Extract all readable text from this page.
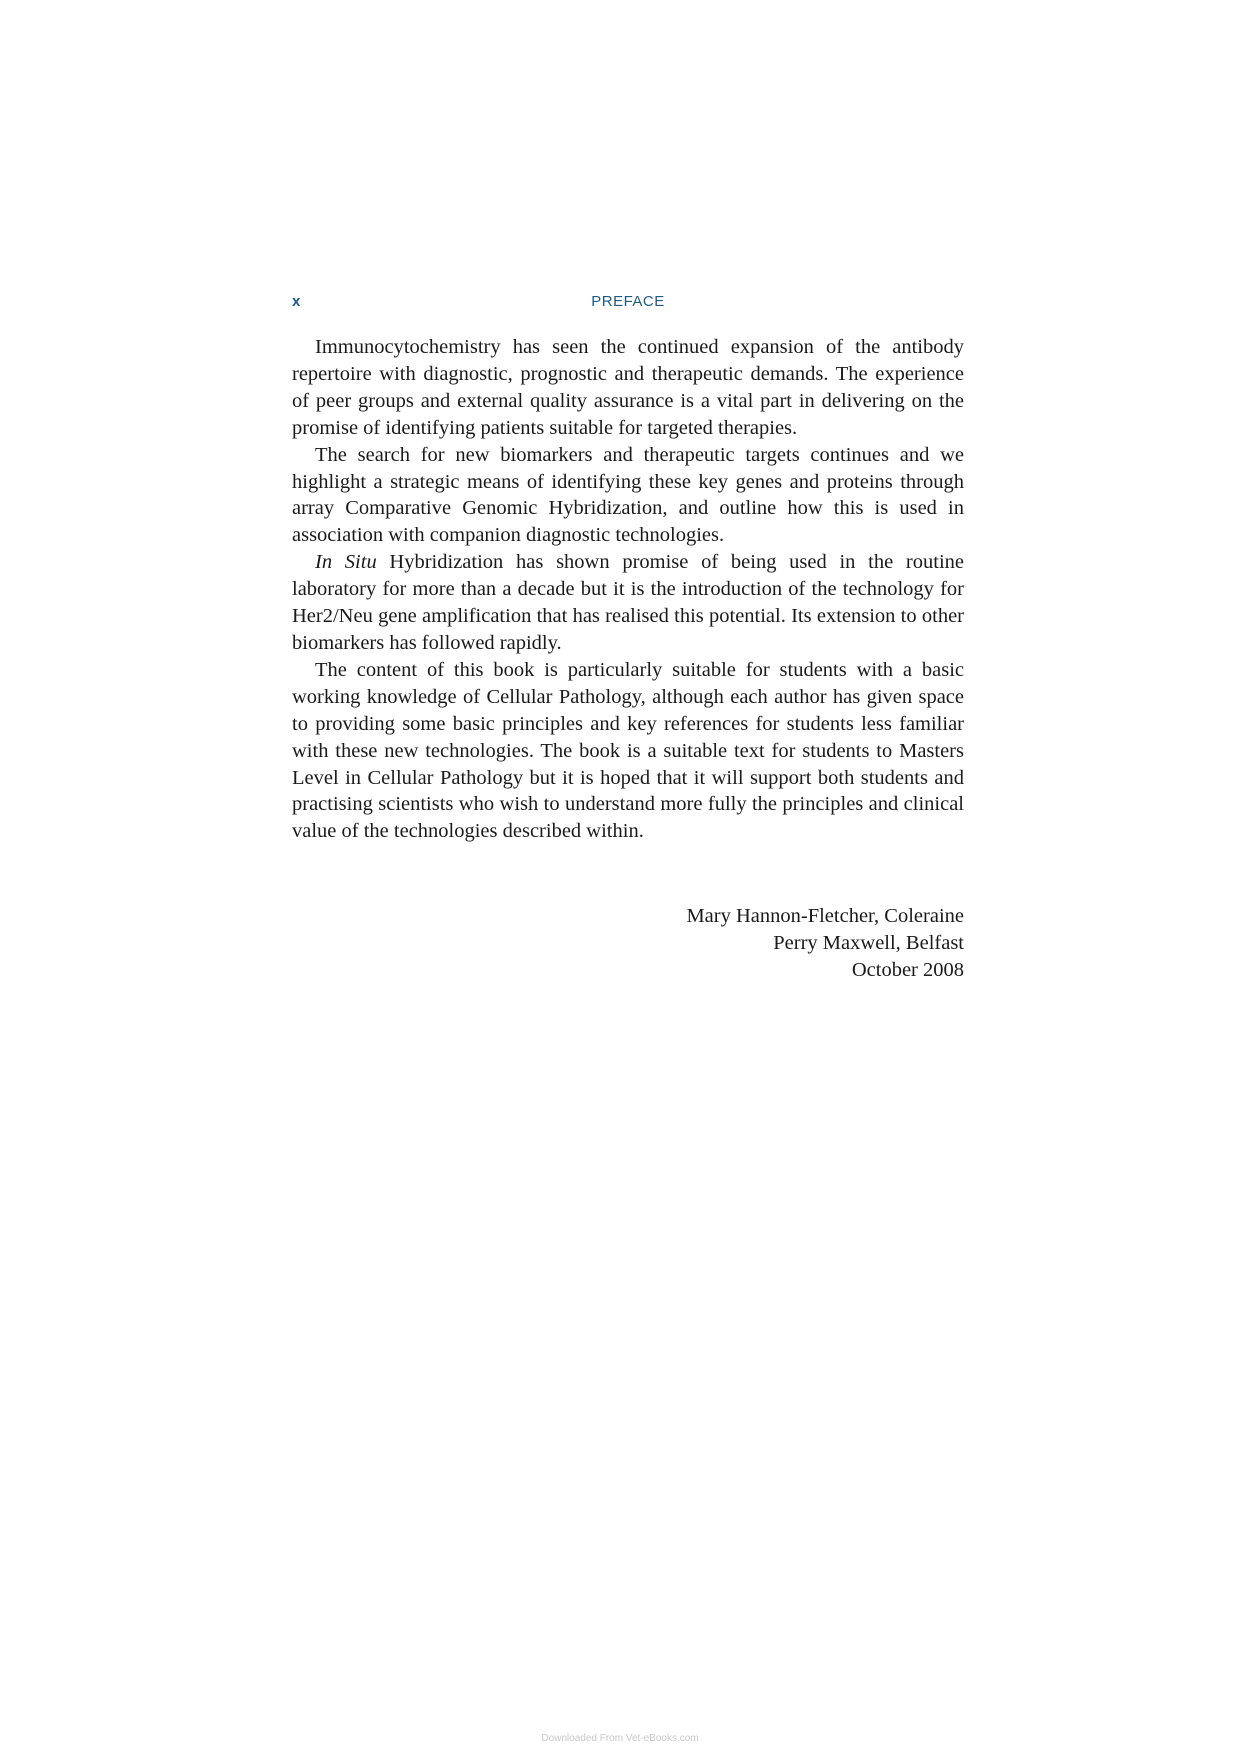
x	PREFACE

Immunocytochemistry has seen the continued expansion of the antibody repertoire with diagnostic, prognostic and therapeutic demands. The experience of peer groups and external quality assurance is a vital part in delivering on the promise of identifying patients suitable for targeted therapies.

The search for new biomarkers and therapeutic targets continues and we highlight a strategic means of identifying these key genes and proteins through array Comparative Genomic Hybridization, and outline how this is used in association with companion diagnostic technologies.

In Situ Hybridization has shown promise of being used in the routine laboratory for more than a decade but it is the introduction of the technology for Her2/Neu gene amplification that has realised this potential. Its extension to other biomarkers has followed rapidly.

The content of this book is particularly suitable for students with a basic working knowledge of Cellular Pathology, although each author has given space to providing some basic principles and key references for students less familiar with these new technologies. The book is a suitable text for students to Masters Level in Cellular Pathology but it is hoped that it will support both students and practising scientists who wish to understand more fully the principles and clinical value of the technologies described within.

Mary Hannon-Fletcher, Coleraine
Perry Maxwell, Belfast
October 2008
Downloaded From Vet-eBooks.com
